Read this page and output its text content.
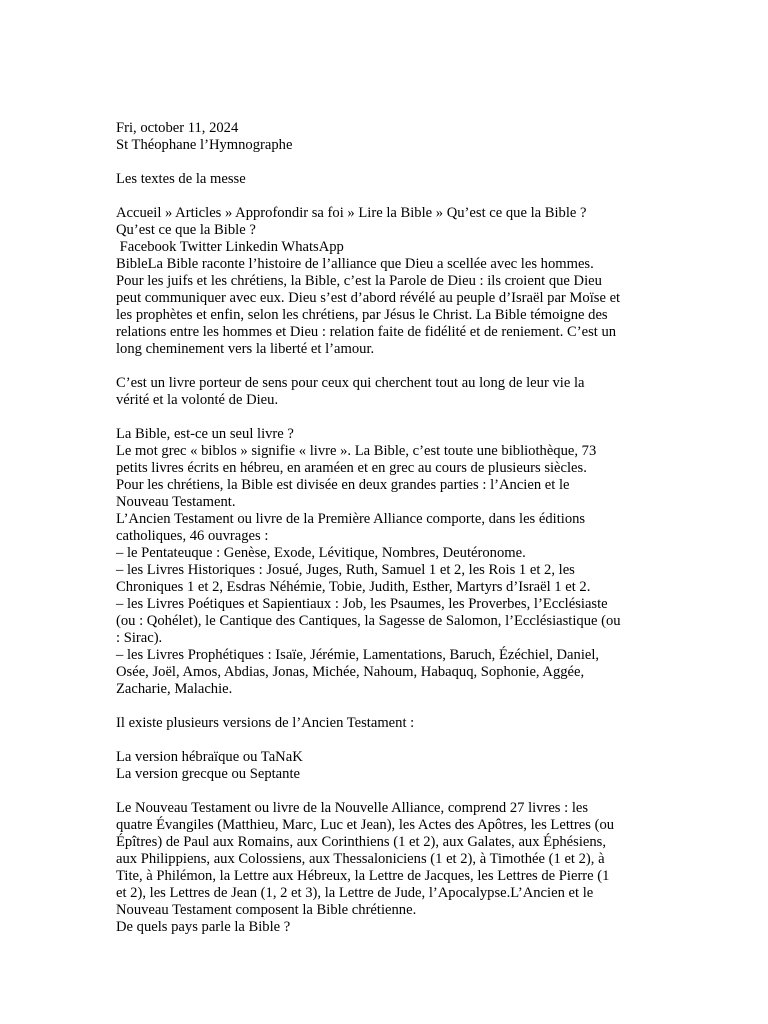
Fri, october 11, 2024
St Théophane l’Hymnographe
Les textes de la messe
Accueil » Articles » Approfondir sa foi » Lire la Bible » Qu’est ce que la Bible ?
Qu’est ce que la Bible ?
Facebook Twitter Linkedin WhatsApp
BibleLa Bible raconte l’histoire de l’alliance que Dieu a scellée avec les hommes.
Pour les juifs et les chrétiens, la Bible, c’est la Parole de Dieu : ils croient que Dieu
peut communiquer avec eux. Dieu s’est d’abord révélé au peuple d’Israël par Moïse et
les prophètes et enfin, selon les chrétiens, par Jésus le Christ. La Bible témoigne des
relations entre les hommes et Dieu : relation faite de fidélité et de reniement. C’est un
long cheminement vers la liberté et l’amour.
C’est un livre porteur de sens pour ceux qui cherchent tout au long de leur vie la
vérité et la volonté de Dieu.
La Bible, est-ce un seul livre ?
Le mot grec « biblos » signifie « livre ». La Bible, c’est toute une bibliothèque, 73
petits livres écrits en hébreu, en araméen et en grec au cours de plusieurs siècles.
Pour les chrétiens, la Bible est divisée en deux grandes parties : l’Ancien et le
Nouveau Testament.
L’Ancien Testament ou livre de la Première Alliance comporte, dans les éditions
catholiques, 46 ouvrages :
– le Pentateuque : Genèse, Exode, Lévitique, Nombres, Deutéronome.
– les Livres Historiques : Josué, Juges, Ruth, Samuel 1 et 2, les Rois 1 et 2, les
Chroniques 1 et 2, Esdras Néhémie, Tobie, Judith, Esther, Martyrs d’Israël 1 et 2.
– les Livres Poétiques et Sapientiaux : Job, les Psaumes, les Proverbes, l’Ecclésiaste
(ou : Qohélet), le Cantique des Cantiques, la Sagesse de Salomon, l’Ecclésiastique (ou
: Sirac).
– les Livres Prophétiques : Isaïe, Jérémie, Lamentations, Baruch, Ézéchiel, Daniel,
Osée, Joël, Amos, Abdias, Jonas, Michée, Nahoum, Habaquq, Sophonie, Aggée,
Zacharie, Malachie.
Il existe plusieurs versions de l’Ancien Testament :
La version hébraïque ou TaNaK
La version grecque ou Septante
Le Nouveau Testament ou livre de la Nouvelle Alliance, comprend 27 livres : les
quatre Évangiles (Matthieu, Marc, Luc et Jean), les Actes des Apôtres, les Lettres (ou
Épîtres) de Paul aux Romains, aux Corinthiens (1 et 2), aux Galates, aux Éphésiens,
aux Philippiens, aux Colossiens, aux Thessaloniciens (1 et 2), à Timothée (1 et 2), à
Tite, à Philémon, la Lettre aux Hébreux, la Lettre de Jacques, les Lettres de Pierre (1
et 2), les Lettres de Jean (1, 2 et 3), la Lettre de Jude, l’Apocalypse.L’Ancien et le
Nouveau Testament composent la Bible chrétienne.
De quels pays parle la Bible ?
